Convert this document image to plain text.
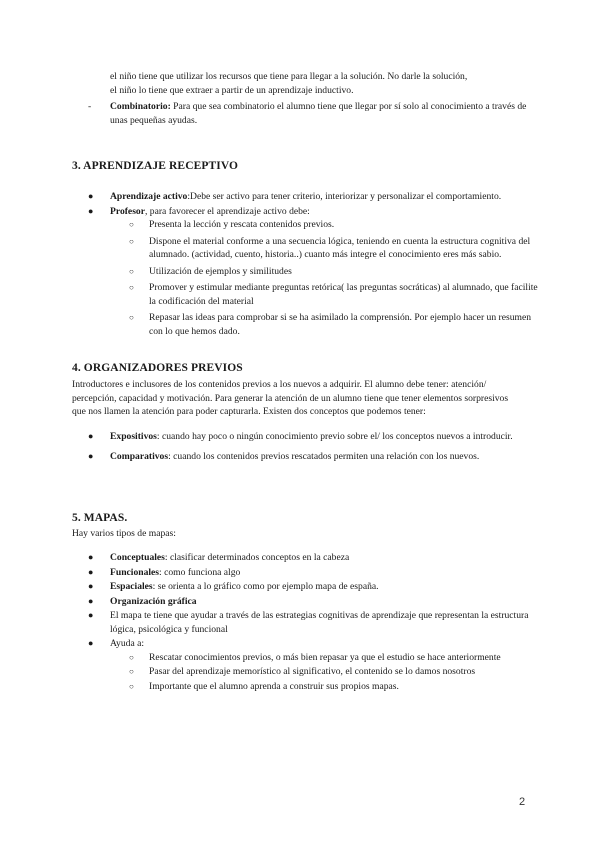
el niño tiene que utilizar los recursos que tiene para llegar a la solución. No darle la solución,

el niño lo tiene que extraer a partir de un aprendizaje inductivo.

- Combinatorio: Para que sea combinatorio el alumno tiene que llegar por sí solo al conocimiento a través de unas pequeñas ayudas.
3. APRENDIZAJE RECEPTIVO
● Aprendizaje activo:Debe ser activo para tener criterio, interiorizar y personalizar el comportamiento.
● Profesor, para favorecer el aprendizaje activo debe:
○ Presenta la lección y rescata contenidos previos.
○ Dispone el material conforme a una secuencia lógica, teniendo en cuenta la estructura cognitiva del alumnado. (actividad, cuento, historia..) cuanto más integre el conocimiento eres más sabio.
○ Utilización de ejemplos y similitudes
○ Promover y estimular mediante preguntas retórica( las preguntas socráticas) al alumnado, que facilite la codificación del material
○ Repasar las ideas para comprobar si se ha asimilado la comprensión. Por ejemplo hacer un resumen con lo que hemos dado.
4. ORGANIZADORES PREVIOS

Introductores e inclusores de los contenidos previos a los nuevos a adquirir. El alumno debe tener: atención/ percepción, capacidad y motivación. Para generar la atención de un alumno tiene que tener elementos sorpresivos que nos llamen la atención para poder capturarla. Existen dos conceptos que podemos tener:

● Expositivos: cuando hay poco o ningún conocimiento previo sobre el/ los conceptos nuevos a introducir.
● Comparativos: cuando los contenidos previos rescatados permiten una relación con los nuevos.
5. MAPAS.

Hay varios tipos de mapas:

● Conceptuales: clasificar determinados conceptos en la cabeza
● Funcionales: como funciona algo
● Espaciales: se orienta a lo gráfico como por ejemplo mapa de españa.
● Organización gráfica
● El mapa te tiene que ayudar a través de las estrategias cognitivas de aprendizaje que representan la estructura lógica, psicológica y funcional
● Ayuda a:
○ Rescatar conocimientos previos, o más bien repasar ya que el estudio se hace anteriormente
○ Pasar del aprendizaje memorístico al significativo, el contenido se lo damos nosotros
○ Importante que el alumno aprenda a construir sus propios mapas.
2
